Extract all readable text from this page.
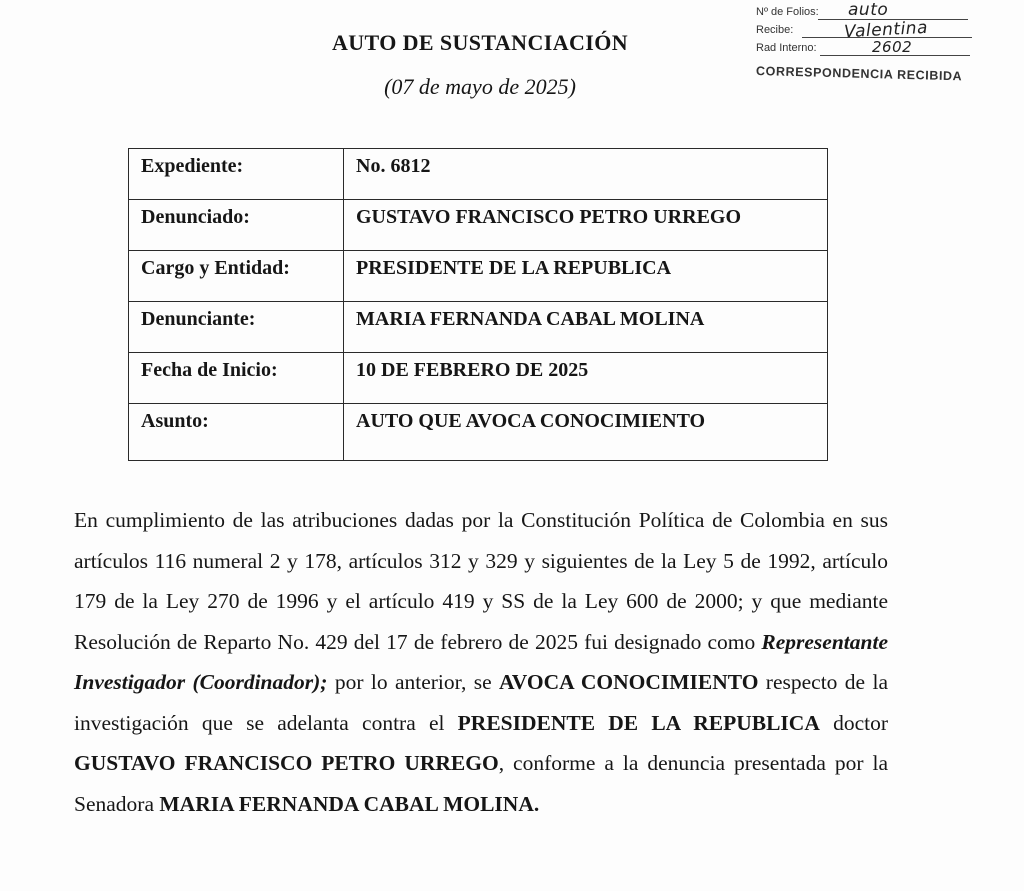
Nº de Folios: auto
Recibe:	Valentina
Rad Interno:	2602
CORRESPONDENCIA RECIBIDA
AUTO DE SUSTANCIACIÓN

(07 de mayo de 2025)

Expediente:	No. 6812
Denunciado:	GUSTAVO FRANCISCO PETRO URREGO
Cargo y Entidad:	PRESIDENTE DE LA REPUBLICA
Denunciante:	MARIA FERNANDA CABAL MOLINA
Fecha de Inicio:	10 DE FEBRERO DE 2025
Asunto:	AUTO QUE AVOCA CONOCIMIENTO

En cumplimiento de las atribuciones dadas por la Constitución Política de Colombia en sus artículos 116 numeral 2 y 178, artículos 312 y 329 y siguientes de la Ley 5 de 1992, artículo 179 de la Ley 270 de 1996 y el artículo 419 y SS de la Ley 600 de 2000; y que mediante Resolución de Reparto No. 429 del 17 de febrero de 2025 fui designado como Representante Investigador (Coordinador); por lo anterior, se AVOCA CONOCIMIENTO respecto de la investigación que se adelanta contra el PRESIDENTE DE LA REPUBLICA doctor GUSTAVO FRANCISCO PETRO URREGO, conforme a la denuncia presentada por la Senadora MARIA FERNANDA CABAL MOLINA.
